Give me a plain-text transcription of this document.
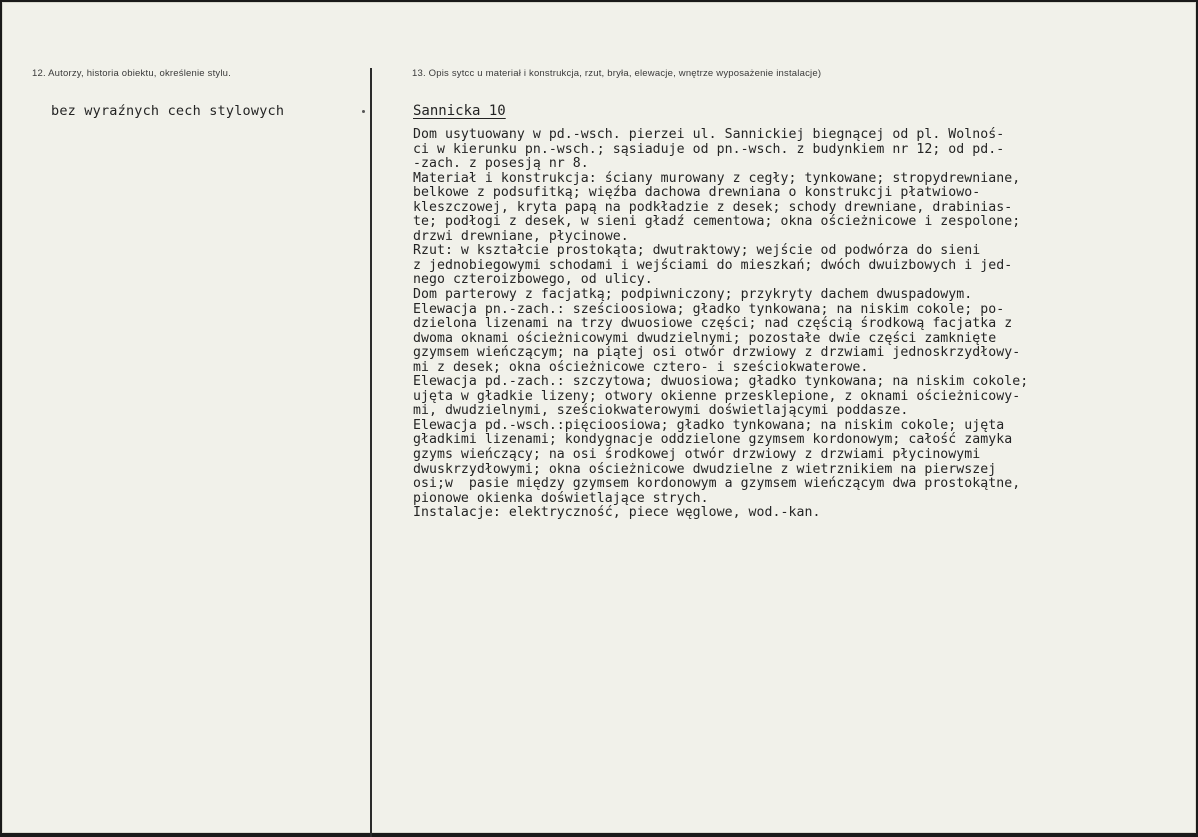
12. Autorzy, historia obiektu, określenie stylu.	13. Opis sytcc u materiał i konstrukcja, rzut, bryła, elewacje, wnętrze wyposażenie instalacje)
bez wyraźnych cech stylowych	Sannicka 10
Dom usytuowany w pd.-wsch. pierzei ul. Sannickiej biegnącej od pl. Wolnoś-
ci w kierunku pn.-wsch.; sąsiaduje od pn.-wsch. z budynkiem nr 12; od pd.-
-zach. z posesją nr 8.
Materiał i konstrukcja: ściany murowany z cegły; tynkowane; stropydrewniane,
belkowe z podsufitką; więźba dachowa drewniana o konstrukcji płatwiowo-
kleszczowej, kryta papą na podkładzie z desek; schody drewniane, drabinias-
te; podłogi z desek, w sieni gładź cementowa; okna ościeżnicowe i zespolone;
drzwi drewniane, płycinowe.
Rzut: w kształcie prostokąta; dwutraktowy; wejście od podwórza do sieni
z jednobiegowymi schodami i wejściami do mieszkań; dwóch dwuizbowych i jed-
nego czteroizbowego, od ulicy.
Dom parterowy z facjatką; podpiwniczony; przykryty dachem dwuspadowym.
Elewacja pn.-zach.: sześcioosiowa; gładko tynkowana; na niskim cokole; po-
dzielona lizenami na trzy dwuosiowe części; nad częścią środkową facjatka z
dwoma oknami ościeżnicowymi dwudzielnymi; pozostałe dwie części zamknięte
gzymsem wieńczącym; na piątej osi otwór drzwiowy z drzwiami jednoskrzydłowy-
mi z desek; okna ościeżnicowe cztero- i sześciokwaterowe.
Elewacja pd.-zach.: szczytowa; dwuosiowa; gładko tynkowana; na niskim cokole;
ujęta w gładkie lizeny; otwory okienne przesklepione, z oknami ościeżnicowy-
mi, dwudzielnymi, sześciokwaterowymi doświetlającymi poddasze.
Elewacja pd.-wsch.:pięcioosiowa; gładko tynkowana; na niskim cokole; ujęta
gładkimi lizenami; kondygnacje oddzielone gzymsem kordonowym; całość zamyka
gzyms wieńczący; na osi środkowej otwór drzwiowy z drzwiami płycinowymi
dwuskrzydłowymi; okna ościeżnicowe dwudzielne z wietrznikiem na pierwszej
osi;w  pasie między gzymsem kordonowym a gzymsem wieńczącym dwa prostokątne,
pionowe okienka doświetlające strych.
Instalacje: elektryczność, piece węglowe, wod.-kan.
